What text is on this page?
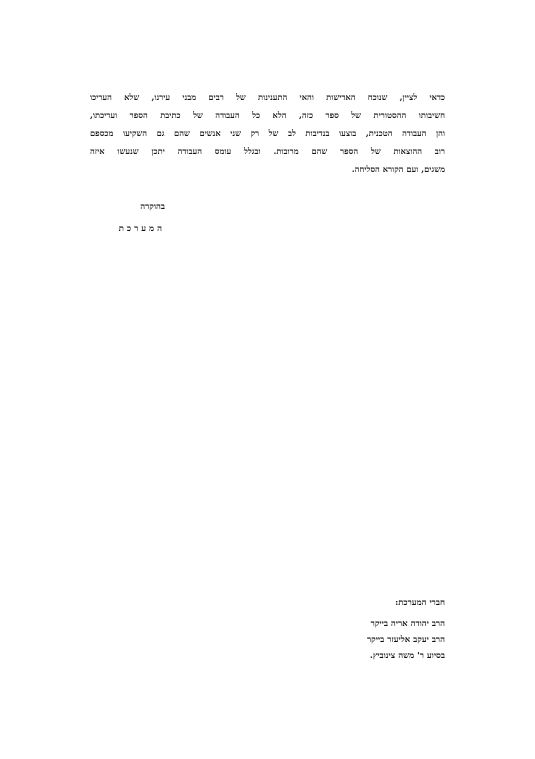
כדאי לציין, שנוכח האדישות והאי התענינות של רבים מבני עירנו, שלא העריכו
חשיבותו ההסטורית של ספר כזה, הלא כל העבודה של כתיבת הספר ועריכתו,
והן העבודה הטכנית, בוצעו בנדיבות לב של רק שני אנשים שהם גם השקיעו מכספם
רוב ההוצאות של הספר שהם מרובות. ובגלל עומס העבודה יתכן שנעשו איזה
משגים, ועם הקורא הסליחה.
בהוקרה
המערכת
חברי המערכת:
הרב יהודה אריה בייקר
הרב יעקב אליעזר בייקר
בסיוע ר' משה צינוביץ.
